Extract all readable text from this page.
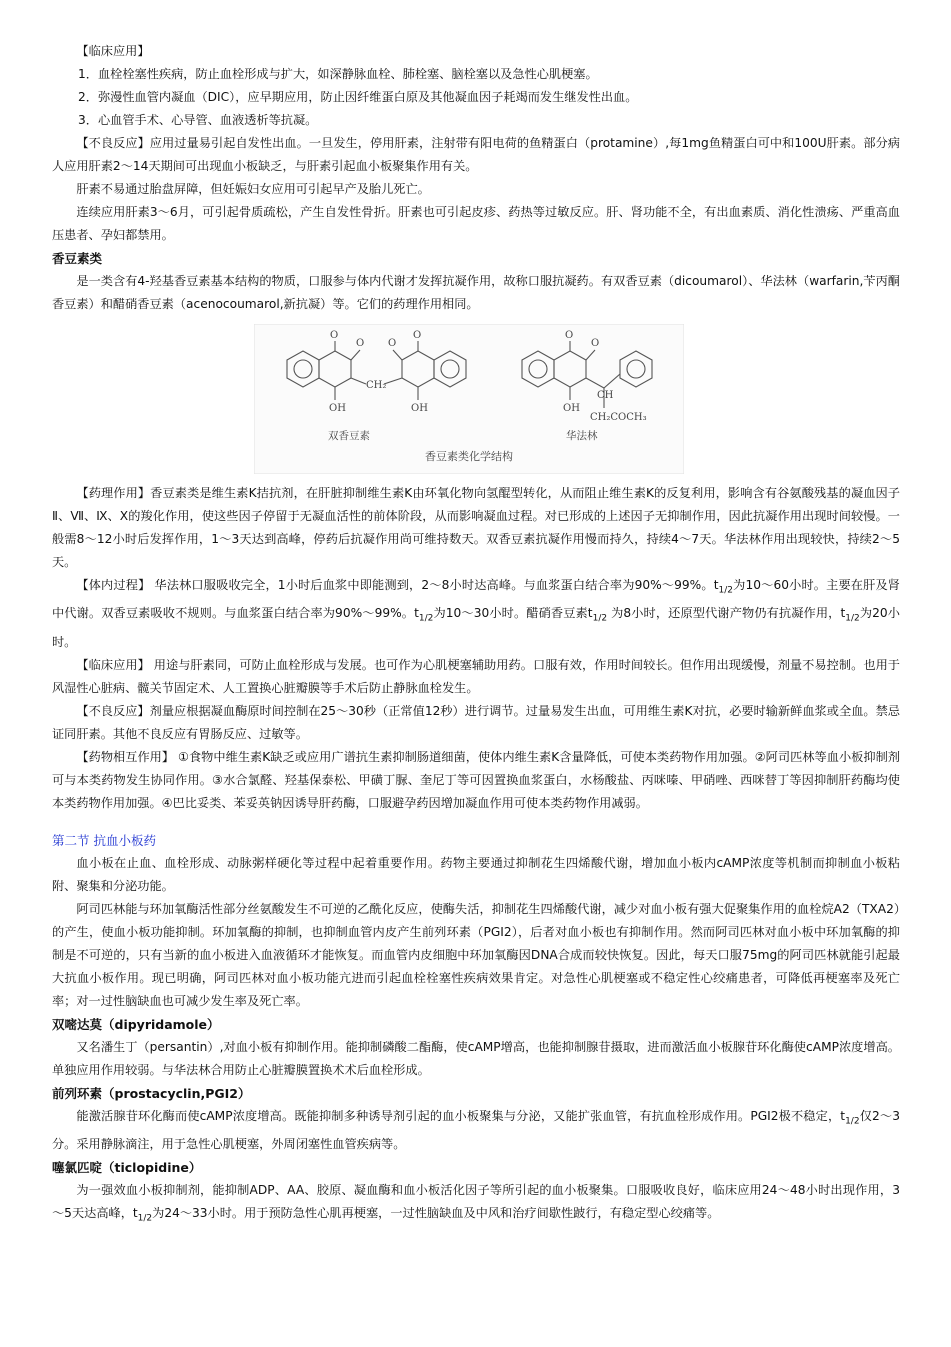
【临床应用】

1．血栓栓塞性疾病，防止血栓形成与扩大，如深静脉血栓、肺栓塞、脑栓塞以及急性心肌梗塞。

2．弥漫性血管内凝血（DIC），应早期应用，防止因纤维蛋白原及其他凝血因子耗竭而发生继发性出血。

3．心血管手术、心导管、血液透析等抗凝。

【不良反应】应用过量易引起自发性出血。一旦发生，停用肝素，注射带有阳电荷的鱼精蛋白（protamine）,每1mg鱼精蛋白可中和100U肝素。部分病人应用肝素2～14天期间可出现血小板缺乏，与肝素引起血小板聚集作用有关。

肝素不易通过胎盘屏障，但妊娠妇女应用可引起早产及胎儿死亡。

连续应用肝素3～6月，可引起骨质疏松，产生自发性骨折。肝素也可引起皮疹、药热等过敏反应。肝、肾功能不全，有出血素质、消化性溃疡、严重高血压患者、孕妇都禁用。

香豆素类

是一类含有4-羟基香豆素基本结构的物质，口服参与体内代谢才发挥抗凝作用，故称口服抗凝药。有双香豆素（dicoumarol）、华法林（warfarin,苄丙酮香豆素）和醋硝香豆素（acenocoumarol,新抗凝）等。它们的药理作用相同。

O
O
OH
CH₂
O
O
OH
O
O
CH
OH
CH₂COCH₃
双香豆素	华法林
香豆素类化学结构

【药理作用】香豆素类是维生素K拮抗剂，在肝脏抑制维生素K由环氧化物向氢醌型转化，从而阻止维生素K的反复利用，影响含有谷氨酸残基的凝血因子Ⅱ、Ⅶ、Ⅸ、Ⅹ的羧化作用，使这些因子停留于无凝血活性的前体阶段，从而影响凝血过程。对已形成的上述因子无抑制作用，因此抗凝作用出现时间较慢。一般需8～12小时后发挥作用，1～3天达到高峰，停药后抗凝作用尚可维持数天。双香豆素抗凝作用慢而持久，持续4～7天。华法林作用出现较快，持续2～5天。

【体内过程】 华法林口服吸收完全，1小时后血浆中即能测到，2～8小时达高峰。与血浆蛋白结合率为90%～99%。$t_{1/2}$为10～60小时。主要在肝及肾中代谢。双香豆素吸收不规则。与血浆蛋白结合率为90%～99%。$t_{1/2}$为10～30小时。醋硝香豆素$t_{1/2}$ 为8小时，还原型代谢产物仍有抗凝作用，$t_{1/2}$为20小时。

【临床应用】 用途与肝素同，可防止血栓形成与发展。也可作为心肌梗塞辅助用药。口服有效，作用时间较长。但作用出现缓慢，剂量不易控制。也用于风湿性心脏病、髋关节固定术、人工置换心脏瓣膜等手术后防止静脉血栓发生。

【不良反应】剂量应根据凝血酶原时间控制在25～30秒（正常值12秒）进行调节。过量易发生出血，可用维生素K对抗，必要时输新鲜血浆或全血。禁忌证同肝素。其他不良反应有胃肠反应、过敏等。

【药物相互作用】 ①食物中维生素K缺乏或应用广谱抗生素抑制肠道细菌，使体内维生素K含量降低，可使本类药物作用加强。②阿司匹林等血小板抑制剂可与本类药物发生协同作用。③水合氯醛、羟基保泰松、甲磺丁脲、奎尼丁等可因置换血浆蛋白，水杨酸盐、丙咪嗪、甲硝唑、西咪替丁等因抑制肝药酶均使本类药物作用加强。④巴比妥类、苯妥英钠因诱导肝药酶，口服避孕药因增加凝血作用可使本类药物作用减弱。

第二节 抗血小板药

血小板在止血、血栓形成、动脉粥样硬化等过程中起着重要作用。药物主要通过抑制花生四烯酸代谢，增加血小板内cAMP浓度等机制而抑制血小板粘附、聚集和分泌功能。

阿司匹林能与环加氧酶活性部分丝氨酸发生不可逆的乙酰化反应，使酶失活，抑制花生四烯酸代谢，减少对血小板有强大促聚集作用的血栓烷A2（TXA2）的产生，使血小板功能抑制。环加氧酶的抑制，也抑制血管内皮产生前列环素（PGI2），后者对血小板也有抑制作用。然而阿司匹林对血小板中环加氧酶的抑制是不可逆的，只有当新的血小板进入血液循环才能恢复。而血管内皮细胞中环加氧酶因DNA合成而较快恢复。因此，每天口服75mg的阿司匹林就能引起最大抗血小板作用。现已明确，阿司匹林对血小板功能亢进而引起血栓栓塞性疾病效果肯定。对急性心肌梗塞或不稳定性心绞痛患者，可降低再梗塞率及死亡率；对一过性脑缺血也可减少发生率及死亡率。

双嘧达莫（dipyridamole）

又名潘生丁（persantin）,对血小板有抑制作用。能抑制磷酸二酯酶，使cAMP增高，也能抑制腺苷摄取，进而激活血小板腺苷环化酶使cAMP浓度增高。单独应用作用较弱。与华法林合用防止心脏瓣膜置换术术后血栓形成。

前列环素（prostacyclin,PGI2）

能激活腺苷环化酶而使cAMP浓度增高。既能抑制多种诱导剂引起的血小板聚集与分泌，又能扩张血管，有抗血栓形成作用。PGI2极不稳定，$t_{1/2}$仅2～3分。采用静脉滴注，用于急性心肌梗塞，外周闭塞性血管疾病等。

噻氯匹啶（ticlopidine）

为一强效血小板抑制剂，能抑制ADP、AA、胶原、凝血酶和血小板活化因子等所引起的血小板聚集。口服吸收良好，临床应用24～48小时出现作用，3～5天达高峰，$t_{1/2}$为24～33小时。用于预防急性心肌再梗塞，一过性脑缺血及中风和治疗间歇性跛行，有稳定型心绞痛等。
